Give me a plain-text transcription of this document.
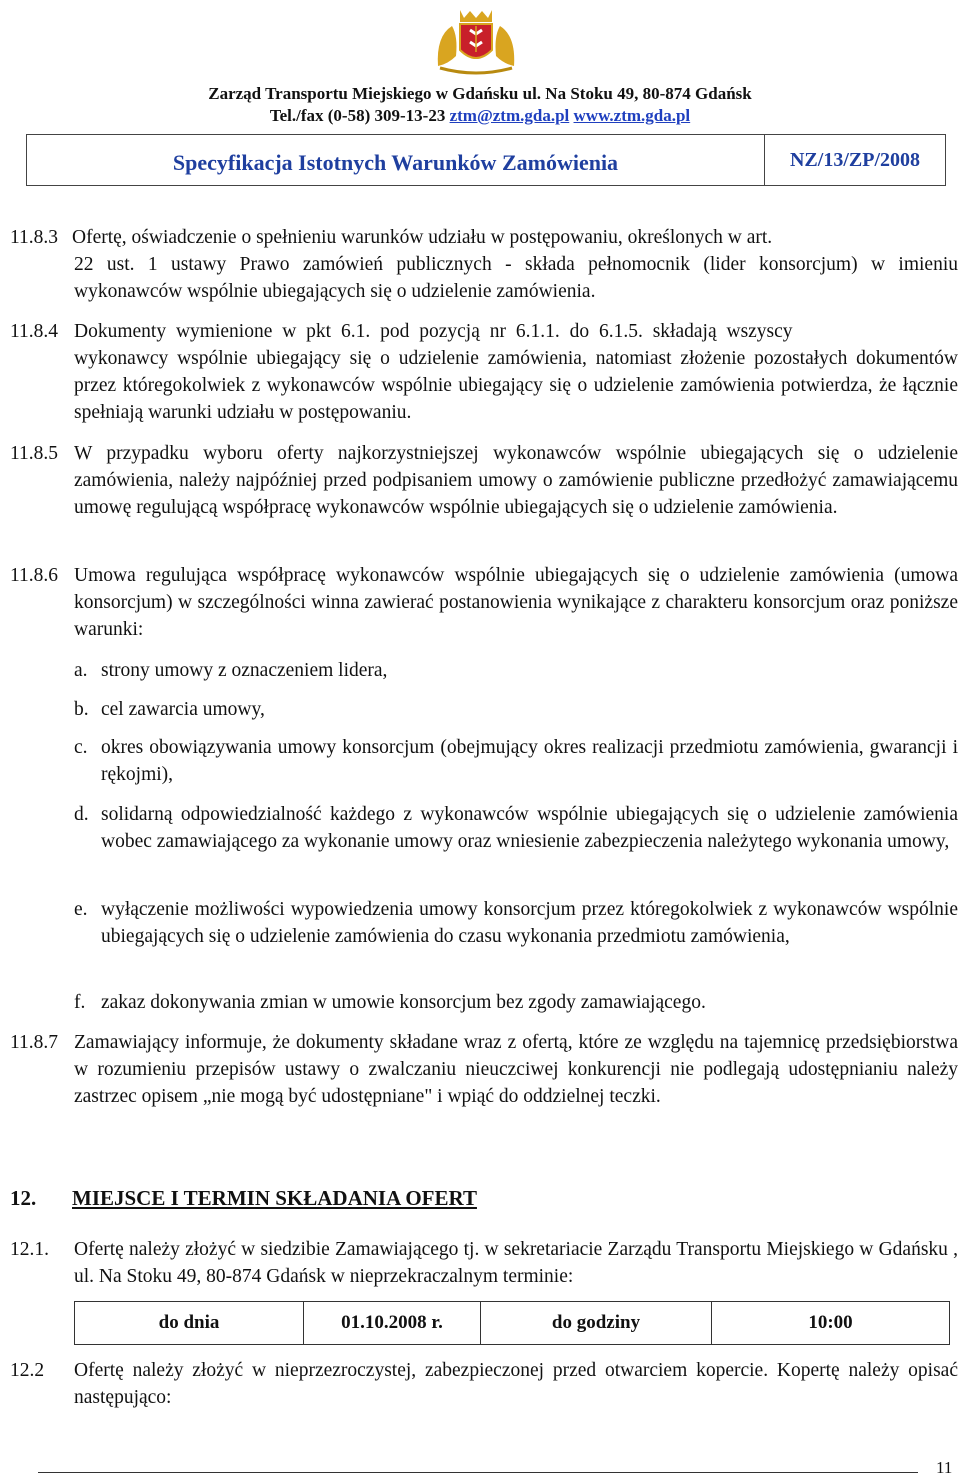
Zarząd Transportu Miejskiego w Gdańsku ul. Na Stoku 49, 80-874 Gdańsk
Tel./fax (0-58) 309-13-23 ztm@ztm.gda.pl www.ztm.gda.pl
Specyfikacja Istotnych Warunków Zamówienia	NZ/13/ZP/2008
11.8.3 Ofertę, oświadczenie o spełnieniu warunków udziału w postępowaniu, określonych w art.
22 ust. 1 ustawy Prawo zamówień publicznych - składa pełnomocnik (lider konsorcjum) w imieniu wykonawców wspólnie ubiegających się o udzielenie zamówienia.
11.8.4 Dokumenty wymienione w pkt 6.1. pod pozycją nr 6.1.1. do 6.1.5. składają wszyscy
wykonawcy wspólnie ubiegający się o udzielenie zamówienia, natomiast złożenie pozostałych dokumentów przez któregokolwiek z wykonawców wspólnie ubiegający się o udzielenie zamówienia potwierdza, że łącznie spełniają warunki udziału w postępowaniu.
11.8.5 W przypadku wyboru oferty najkorzystniejszej wykonawców wspólnie ubiegających się o udzielenie zamówienia, należy najpóźniej przed podpisaniem umowy o zamówienie publiczne przedłożyć zamawiającemu umowę regulującą współpracę wykonawców wspólnie ubiegających się o udzielenie zamówienia.
11.8.6 Umowa regulująca współpracę wykonawców wspólnie ubiegających się o udzielenie zamówienia (umowa konsorcjum) w szczególności winna zawierać postanowienia wynikające z charakteru konsorcjum oraz poniższe warunki:
a. strony umowy z oznaczeniem lidera,
b. cel zawarcia umowy,
c. okres obowiązywania umowy konsorcjum (obejmujący okres realizacji przedmiotu zamówienia, gwarancji i rękojmi),
d. solidarną odpowiedzialność każdego z wykonawców wspólnie ubiegających się o udzielenie zamówienia wobec zamawiającego za wykonanie umowy oraz wniesienie zabezpieczenia należytego wykonania umowy,
e. wyłączenie możliwości wypowiedzenia umowy konsorcjum przez któregokolwiek z wykonawców wspólnie ubiegających się o udzielenie zamówienia do czasu wykonania przedmiotu zamówienia,
f. zakaz dokonywania zmian w umowie konsorcjum bez zgody zamawiającego.
11.8.7 Zamawiający informuje, że dokumenty składane wraz z ofertą, które ze względu na tajemnicę przedsiębiorstwa w rozumieniu przepisów ustawy o zwalczaniu nieuczciwej konkurencji nie podlegają udostępnianiu należy zastrzec opisem „nie mogą być udostępniane" i wpiąć do oddzielnej teczki.
12. MIEJSCE I TERMIN SKŁADANIA OFERT
12.1. Ofertę należy złożyć w siedzibie Zamawiającego tj. w sekretariacie Zarządu Transportu Miejskiego w Gdańsku , ul. Na Stoku 49, 80-874 Gdańsk w nieprzekraczalnym terminie:
do dnia	01.10.2008 r.	do godziny	10:00
12.2 Ofertę należy złożyć w nieprzezroczystej, zabezpieczonej przed otwarciem kopercie. Kopertę należy opisać następująco:
11
